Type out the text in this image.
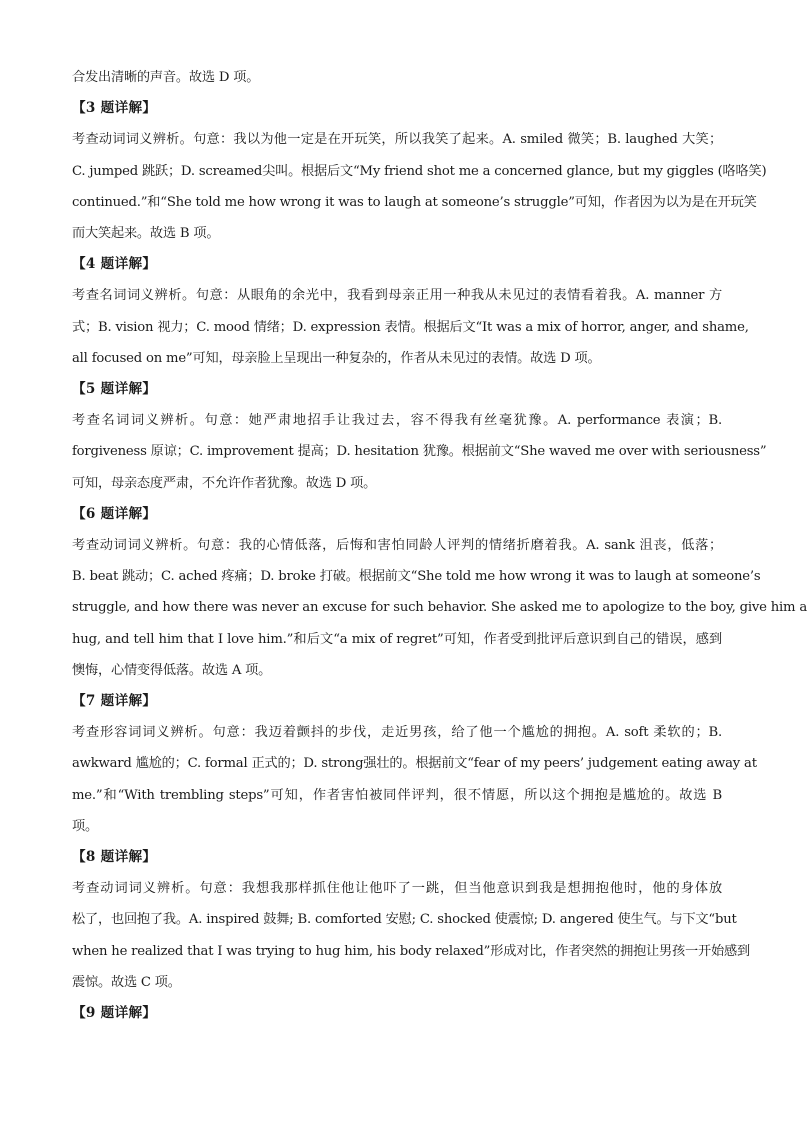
合发出清晰的声音。故选 D 项。
【3 题详解】
考查动词词义辨析。句意：我以为他一定是在开玩笑，所以我笑了起来。A. smiled 微笑；B. laughed 大笑；
C. jumped 跳跃；D. screamed尖叫。根据后文“My friend shot me a concerned glance, but my giggles (咯咯笑)
continued.”和“She told me how wrong it was to laugh at someone’s struggle”可知，作者因为以为是在开玩笑
而大笑起来。故选 B 项。
【4 题详解】
考查名词词义辨析。句意：从眼角的余光中，我看到母亲正用一种我从未见过的表情看着我。A. manner 方
式；B. vision 视力；C. mood 情绪；D. expression 表情。根据后文“It was a mix of horror, anger, and shame,
all focused on me”可知，母亲脸上呈现出一种复杂的，作者从未见过的表情。故选 D 项。
【5 题详解】
考查名词词义辨析。句意：她严肃地招手让我过去，容不得我有丝毫犹豫。A. performance 表演；B.
forgiveness 原谅；C. improvement 提高；D. hesitation 犹豫。根据前文“She waved me over with seriousness”
可知，母亲态度严肃，不允许作者犹豫。故选 D 项。
【6 题详解】
考查动词词义辨析。句意：我的心情低落，后悔和害怕同龄人评判的情绪折磨着我。A. sank 沮丧，低落；
B. beat 跳动；C. ached 疼痛；D. broke 打破。根据前文“She told me how wrong it was to laugh at someone’s
struggle, and how there was never an excuse for such behavior. She asked me to apologize to the boy, give him a
hug, and tell him that I love him.”和后文“a mix of regret”可知，作者受到批评后意识到自己的错误，感到
懊悔，心情变得低落。故选 A 项。
【7 题详解】
考查形容词词义辨析。句意：我迈着颤抖的步伐，走近男孩，给了他一个尴尬的拥抱。A. soft 柔软的；B.
awkward 尴尬的；C. formal 正式的；D. strong强壮的。根据前文“fear of my peers’ judgement eating away at
me.”和“With trembling steps”可知，作者害怕被同伴评判，很不情愿，所以这个拥抱是尴尬的。故选 B
项。
【8 题详解】
考查动词词义辨析。句意：我想我那样抓住他让他吓了一跳，但当他意识到我是想拥抱他时，他的身体放
松了，也回抱了我。A. inspired 鼓舞; B. comforted 安慰; C. shocked 使震惊; D. angered 使生气。与下文“but
when he realized that I was trying to hug him, his body relaxed”形成对比，作者突然的拥抱让男孩一开始感到
震惊。故选 C 项。
【9 题详解】
